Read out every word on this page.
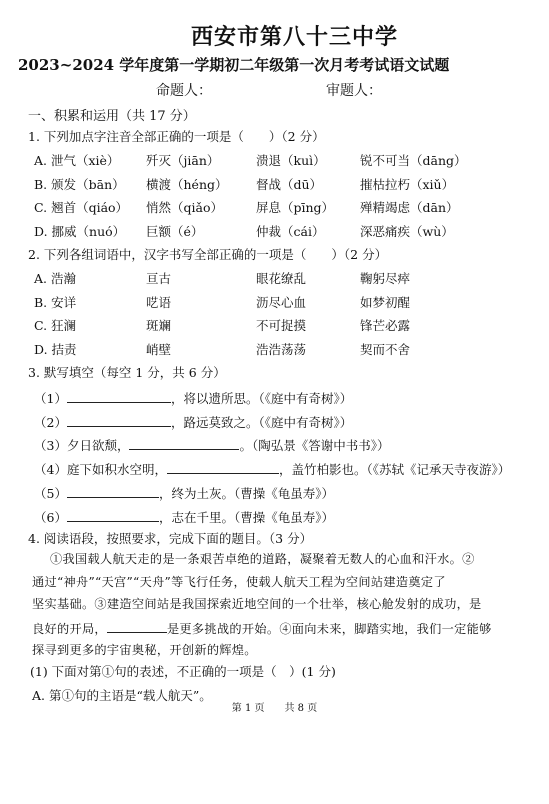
西安市第八十三中学
2023~2024 学年度第一学期初二年级第一次月考考试语文试题
命题人：	审题人：
一、积累和运用（共 17 分）
1. 下列加点字注音全部正确的一项是（　　）（2 分）
A. 泄气（xiè） 歼灭（jiān）	溃退（kuì）	锐不可当（dāng）
B. 颁发（bān） 横渡（héng） 督战（dū）	摧枯拉朽（xiǔ）
C. 翘首（qiáo） 悄然（qiǎo）	屏息（pīng） 殚精竭虑（dān）
D. 挪威（nuó） 巨额（é）	仲裁（cái）	深恶痛疾（wù）
2. 下列各组词语中，汉字书写全部正确的一项是（　　）（2 分）
A. 浩瀚	亘古	眼花缭乱	鞠躬尽瘁
B. 安详	呓语	沥尽心血	如梦初醒
C. 狂澜	斑斓	不可捉摸	锋芒必露
D. 拮责	峭壁	浩浩荡荡	契而不舍
3. 默写填空（每空 1 分，共 6 分）
（1）	，将以遗所思。（《庭中有奇树》）
（2）	，路远莫致之。（《庭中有奇树》）
（3）夕日欲颓，	。（陶弘景《答谢中书书》）
（4）庭下如积水空明，	，盖竹柏影也。（《苏轼《记承天寺夜游》）
（5）	，终为土灰。（曹操《龟虽寿》）
（6）	，志在千里。（曹操《龟虽寿》）
4. 阅读语段，按照要求，完成下面的题目。（3 分）
①我国载人航天走的是一条艰苦卓绝的道路，凝聚着无数人的心血和汗水。②
通过“神舟”“天宫”“天舟”等飞行任务，使载人航天工程为空间站建造奠定了
坚实基础。③建造空间站是我国探索近地空间的一个壮举，核心舱发射的成功，是
良好的开局，	是更多挑战的开始。④面向未来，脚踏实地，我们一定能够
探寻到更多的宇宙奥秘，开创新的辉煌。
(1) 下面对第①句的表述，不正确的一项是（　）(1 分)
A. 第①句的主语是“载人航天”。
第 1 页　　共 8 页
